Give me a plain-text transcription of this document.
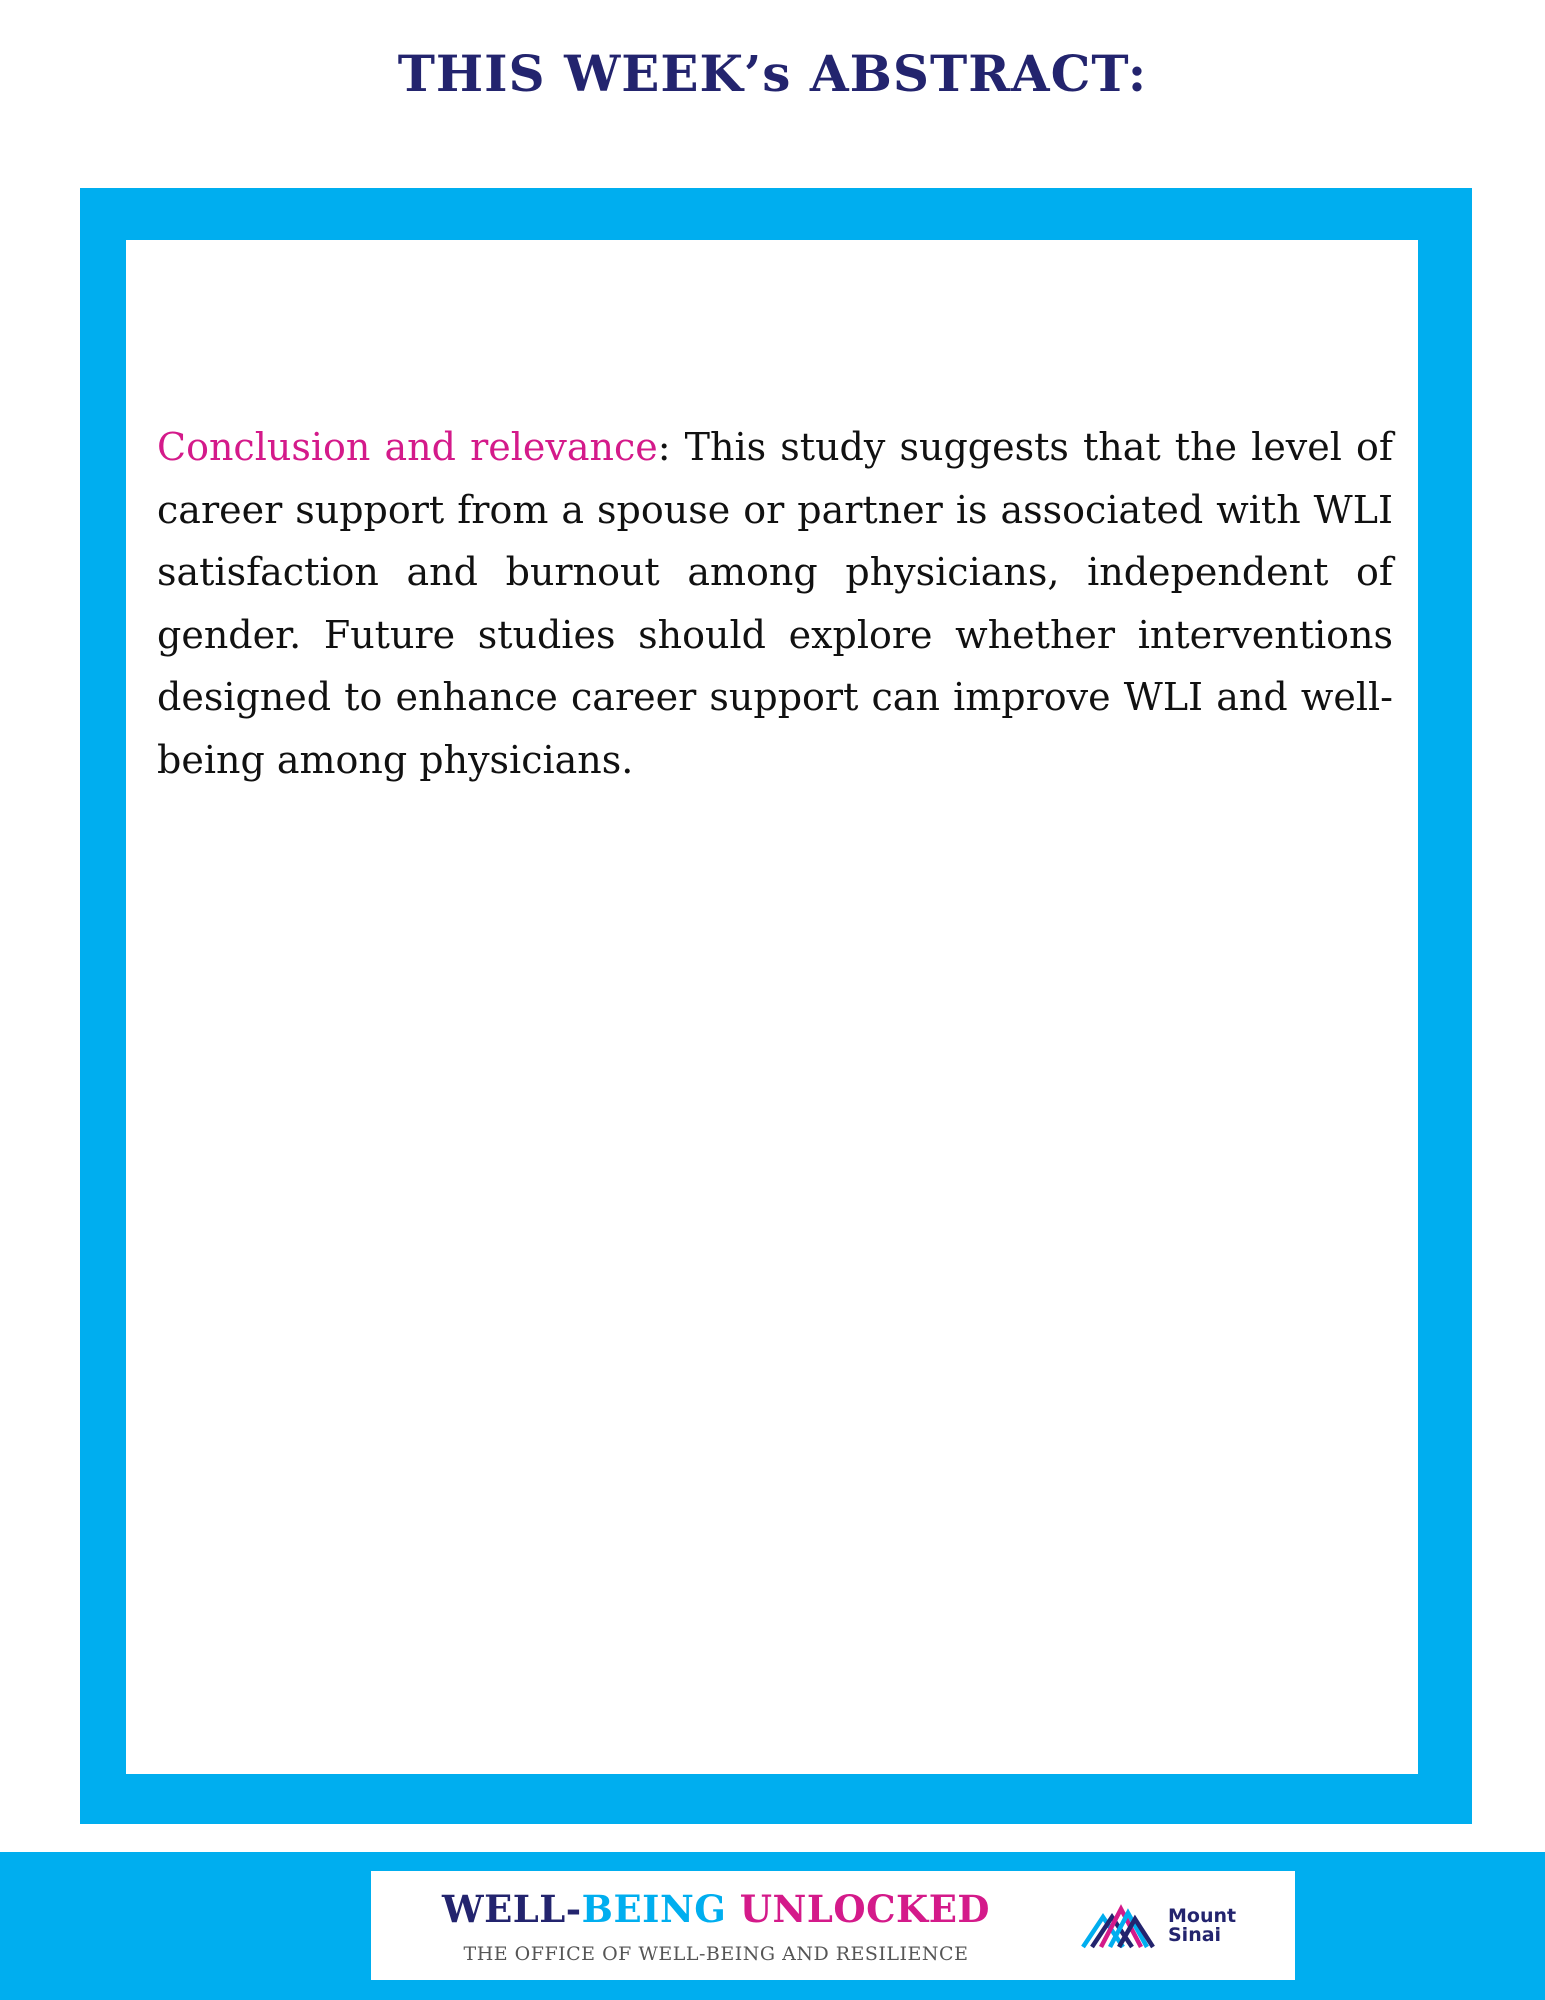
THIS WEEK’s ABSTRACT:

Conclusion and relevance: This study suggests that the level of career support from a spouse or partner is associated with WLI satisfaction and burnout among physicians, independent of gender. Future studies should explore whether interventions designed to enhance career support can improve WLI and well-being among physicians.

WELL-BEING UNLOCKED
THE OFFICE OF WELL-BEING AND RESILIENCE
Mount
Sinai
